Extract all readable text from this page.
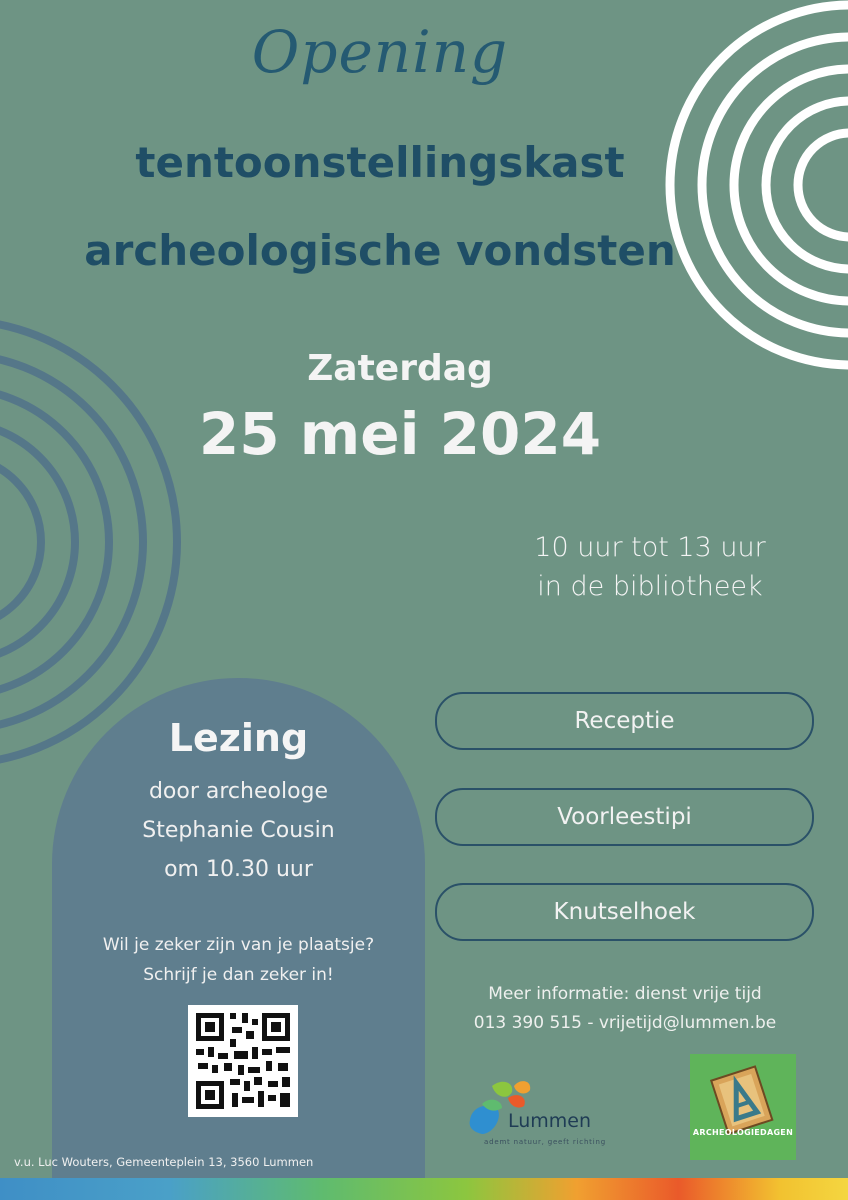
Opening
tentoonstellingskast
archeologische vondsten
Zaterdag
25 mei 2024
10 uur tot 13 uur
in de bibliotheek
Lezing
door archeologe
Stephanie Cousin
om 10.30 uur
Wil je zeker zijn van je plaatsje?
Schrijf je dan zeker in!
Receptie
Voorleestipi
Knutselhoek
Meer informatie: dienst vrije tijd
013 390 515 - vrijetijd@lummen.be
Lummen
ademt natuur, geeft richting
ARCHEOLOGIEDAGEN
v.u. Luc Wouters, Gemeenteplein 13, 3560 Lummen
